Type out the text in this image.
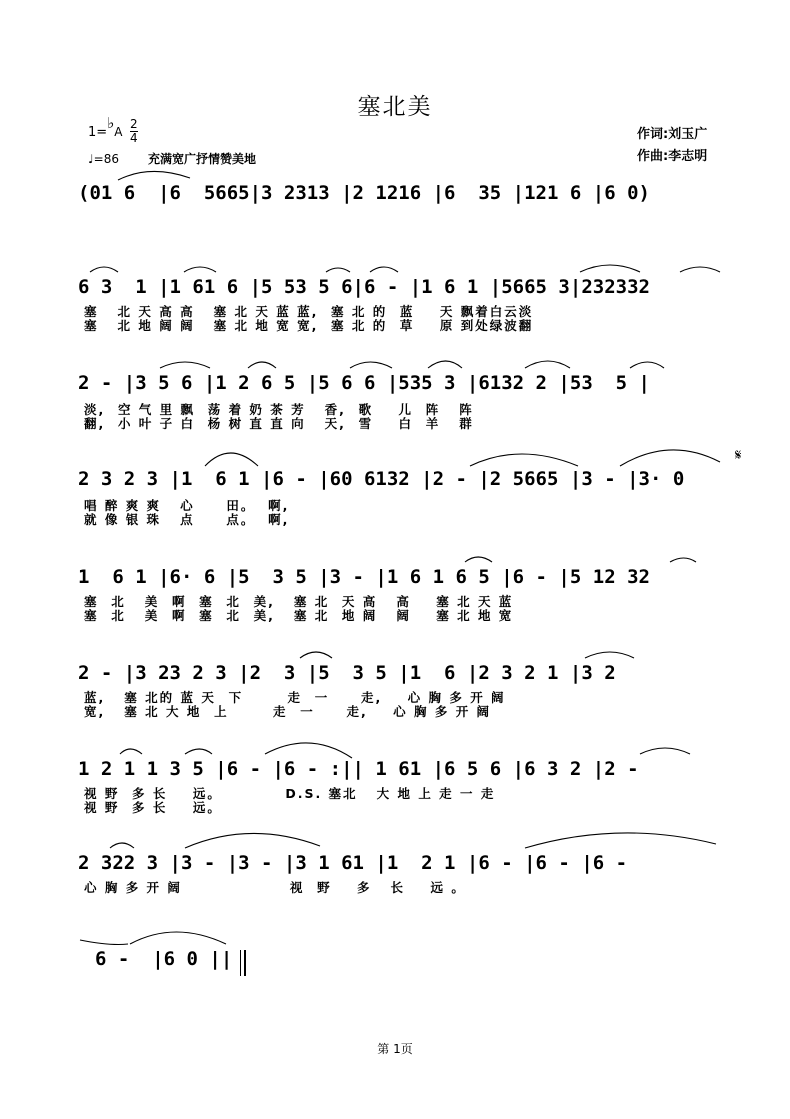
塞北美
1=♭A
2
4
♩=86 充满宽广抒情赞美地
作词:刘玉广
作曲:李志明
(01 6  |6  5665|3 2313 |2 1216 |6  35 |121 6 |6 0)
6 3  1 |1 61 6 |5 53 5 6|6 - |1 6 1 |5665 3|232332
塞   北 天 高 高   塞 北 天 蓝 蓝,  塞 北 的  蓝    天 飘着白云淡
塞   北 地 阔 阔   塞 北 地 宽 宽,  塞 北 的  草    原 到处绿波翻
2 - |3 5 6 |1 2 6 5 |5 6 6 |535 3 |6132 2 |53  5 |
淡,  空 气 里 飘  荡 着 奶 茶 芳   香,  歌    儿  阵   阵
翻,  小 叶 子 白  杨 树 直 直 向   天,  雪    白  羊   群
2 3 2 3 |1  6 1 |6 - |60 6132 |2 - |2 5665 |3 - |3· 0
唱 醉 爽 爽   心     田。  啊,
就 像 银 珠   点     点。  啊,
1  6 1 |6· 6 |5  3 5 |3 - |1 6 1 6 5 |6 - |5 12 32
塞  北   美  啊  塞  北  美,   塞 北  天 高   高    塞 北 天 蓝
塞  北   美  啊  塞  北  美,   塞 北  地 阔   阔    塞 北 地 宽
2 - |3 23 2 3 |2  3 |5  3 5 |1  6 |2 3 2 1 |3 2
蓝,   塞 北的 蓝 天  下       走  一     走,    心 胸 多 开 阔
宽,   塞 北 大 地  上       走  一     走,    心 胸 多 开 阔
1 2 1 1 3 5 |6 - |6 - :|| 1 61 |6 5 6 |6 3 2 |2 -
视 野  多 长    远。          D.S. 塞北   大 地 上 走 一 走
视 野  多 长    远。
2 322 3 |3 - |3 - |3 1 61 |1  2 1 |6 - |6 - |6 -
心 胸 多 开 阔                 视  野    多   长    远 。
6 -  |6 0 ||
𝄋
第 1页
